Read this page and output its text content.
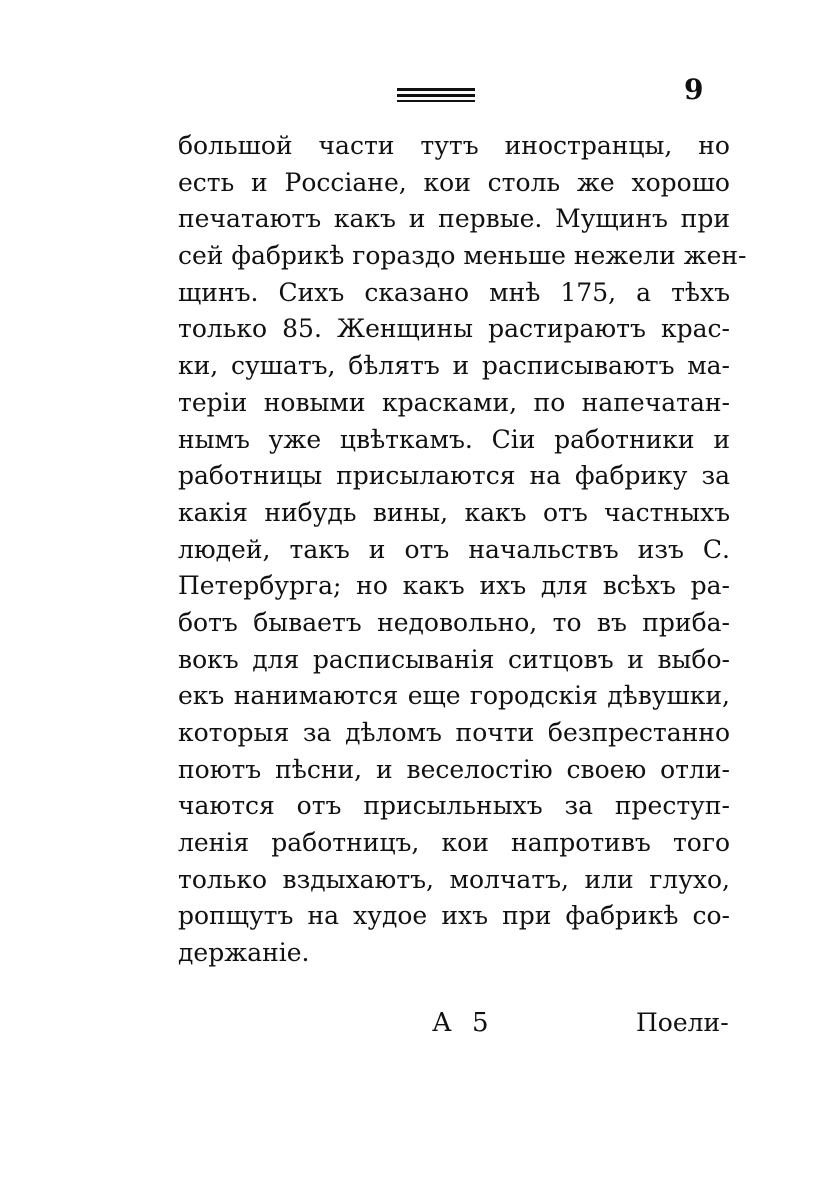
9
большой части тутъ иностранцы, но
есть и Россіане, кои столь же хорошо
печатаютъ какъ и первые. Мущинъ при
сей фабрикѣ гораздо меньше нежели жен-
щинъ. Сихъ сказано мнѣ 175, а тѣхъ
только 85. Женщины растираютъ крас-
ки, сушатъ, бѣлятъ и расписываютъ ма-
теріи новыми красками, по напечатан-
нымъ уже цвѣткамъ. Сіи работники и
работницы присылаются на фабрику за
какія нибудь вины, какъ отъ частныхъ
людей, такъ и отъ начальствъ изъ С.
Петербурга; но какъ ихъ для всѣхъ ра-
ботъ бываетъ недовольно, то въ прибa-
вокъ для расписыванія ситцовъ и выбо-
екъ нанимаются еще городскія дѣвушки,
которыя за дѣломъ почти безпрестанно
поютъ пѣсни, и веселостію своею отли-
чаются отъ присыльныхъ за преступ-
ленія работницъ, кои напротивъ того
только вздыхаютъ, молчатъ, или глухо,
ропщутъ на худое ихъ при фабрикѣ со-
держаніе.
А 5	Поели-
